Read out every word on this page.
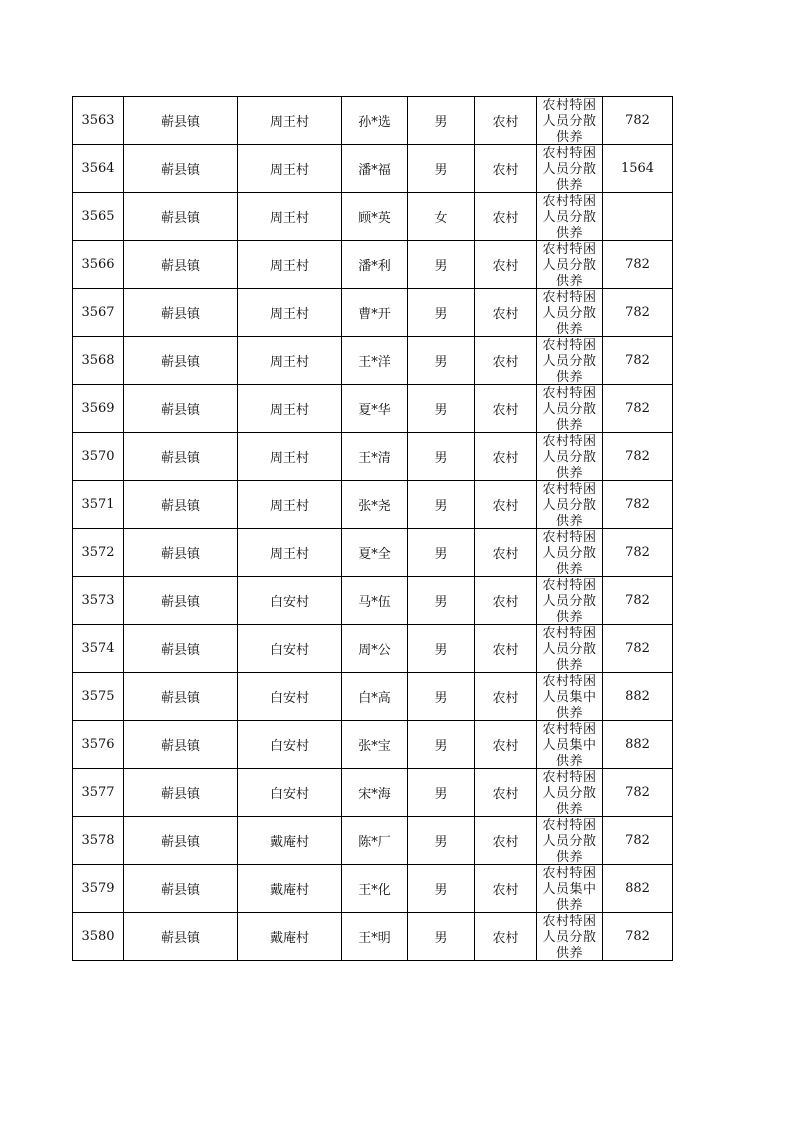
3563	蕲县镇	周王村	孙*选	男	农村	农村特困人员分散供养	782
3564	蕲县镇	周王村	潘*福	男	农村	农村特困人员分散供养	1564
3565	蕲县镇	周王村	顾*英	女	农村	农村特困人员分散供养	

3566	蕲县镇	周王村	潘*利	男	农村	农村特困人员分散供养	782
3567	蕲县镇	周王村	曹*开	男	农村	农村特困人员分散供养	782
3568	蕲县镇	周王村	王*洋	男	农村	农村特困人员分散供养	782
3569	蕲县镇	周王村	夏*华	男	农村	农村特困人员分散供养	782
3570	蕲县镇	周王村	王*清	男	农村	农村特困人员分散供养	782
3571	蕲县镇	周王村	张*尧	男	农村	农村特困人员分散供养	782
3572	蕲县镇	周王村	夏*全	男	农村	农村特困人员分散供养	782
3573	蕲县镇	白安村	马*伍	男	农村	农村特困人员分散供养	782
3574	蕲县镇	白安村	周*公	男	农村	农村特困人员分散供养	782
3575	蕲县镇	白安村	白*高	男	农村	农村特困人员集中供养	882
3576	蕲县镇	白安村	张*宝	男	农村	农村特困人员集中供养	882
3577	蕲县镇	白安村	宋*海	男	农村	农村特困人员分散供养	782
3578	蕲县镇	戴庵村	陈*厂	男	农村	农村特困人员分散供养	782
3579	蕲县镇	戴庵村	王*化	男	农村	农村特困人员集中供养	882
3580	蕲县镇	戴庵村	王*明	男	农村	农村特困人员分散供养	782
